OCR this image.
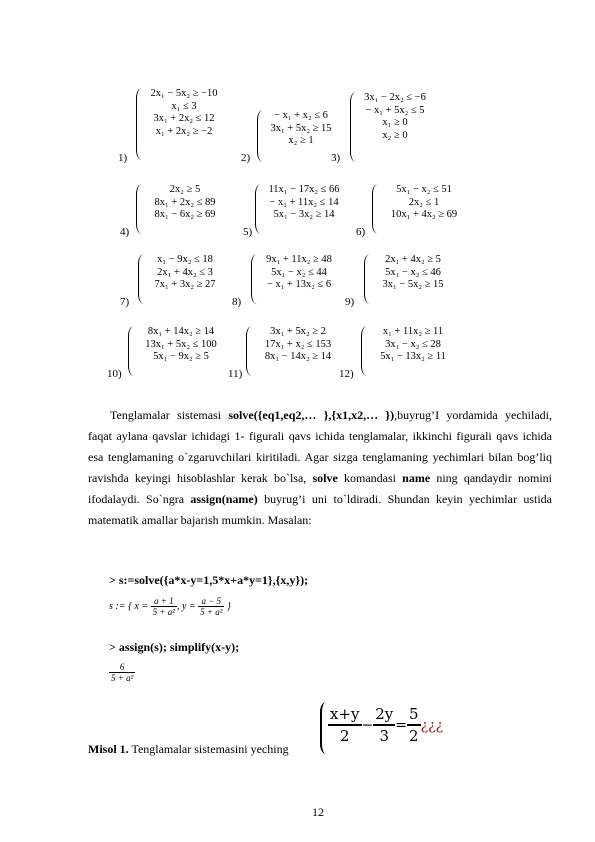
1)
2x₁ − 5x₂ ≥ −10
x₁ ≤ 3
3x₁ + 2x₂ ≤ 12
x₁ + 2x₂ ≥ −2
2)
− x₁ + x₂ ≤ 6
3x₁ + 5x₂ ≥ 15
x₂ ≥ 1
3)
3x₁ − 2x₂ ≤ −6
− x₁ + 5x₂ ≤ 5
x₁ ≥ 0
x₂ ≥ 0
4)
2x₂ ≥ 5
8x₁ + 2x₂ ≤ 89
8x₁ − 6x₂ ≥ 69
5)
11x₁ − 17x₂ ≤ 66
− x₁ + 11x₂ ≤ 14
5x₁ − 3x₂ ≥ 14
6)
5x₁ − x₂ ≤ 51
2x₂ ≤ 1
10x₁ + 4x₂ ≥ 69
7)
x₁ − 9x₂ ≤ 18
2x₁ + 4x₂ ≤ 3
7x₁ + 3x₂ ≥ 27
8)
9x₁ + 11x₂ ≥ 48
5x₁ − x₂ ≤ 44
− x₁ + 13x₂ ≤ 6
9)
2x₁ + 4x₂ ≥ 5
5x₁ − x₂ ≤ 46
3x₁ − 5x₂ ≥ 15
10)
8x₁ + 14x₂ ≥ 14
13x₁ + 5x₂ ≤ 100
5x₁ − 9x₂ ≥ 5
11)
3x₁ + 5x₂ ≥ 2
17x₁ + x₂ ≤ 153
8x₁ − 14x₂ ≥ 14
12)
x₁ + 11x₂ ≥ 11
3x₁ − x₂ ≤ 28
5x₁ − 13x₂ ≥ 11
Tenglamalar sistemasi solve({eq1,eq2,… },{x1,x2,… }),buyrug’I yordamida yechiladi, faqat aylana qavslar ichidagi 1- figurali qavs ichida tenglamalar, ikkinchi figurali qavs ichida esa tenglamaning o`zgaruvchilari kiritiladi. Agar sizga tenglamaning yechimlari bilan bog’liq ravishda keyingi hisoblashlar kerak bo`lsa, solve komandasi name ning qandaydir nomini ifodalaydi. So`ngra assign(name) buyrug’i uni to`ldiradi. Shundan keyin yechimlar ustida matematik amallar bajarish mumkin. Masalan:
> s:=solve({a*x-y=1,5*x+a*y=1},{x,y});
s := { $x = \frac{a + 1}{\text{5 + a²}}$ , $y = \frac{a - 5}{\text{5 + a²}}$ }
> assign(s); simplify(x-y);
$\frac{6}{\text{5 + a²}}$
Misol 1. Tenglamalar sistemasini yeching
$\frac{x+y}{2} - \frac{2y}{3} = \frac{5}{2}$ ¿¿¿
12
